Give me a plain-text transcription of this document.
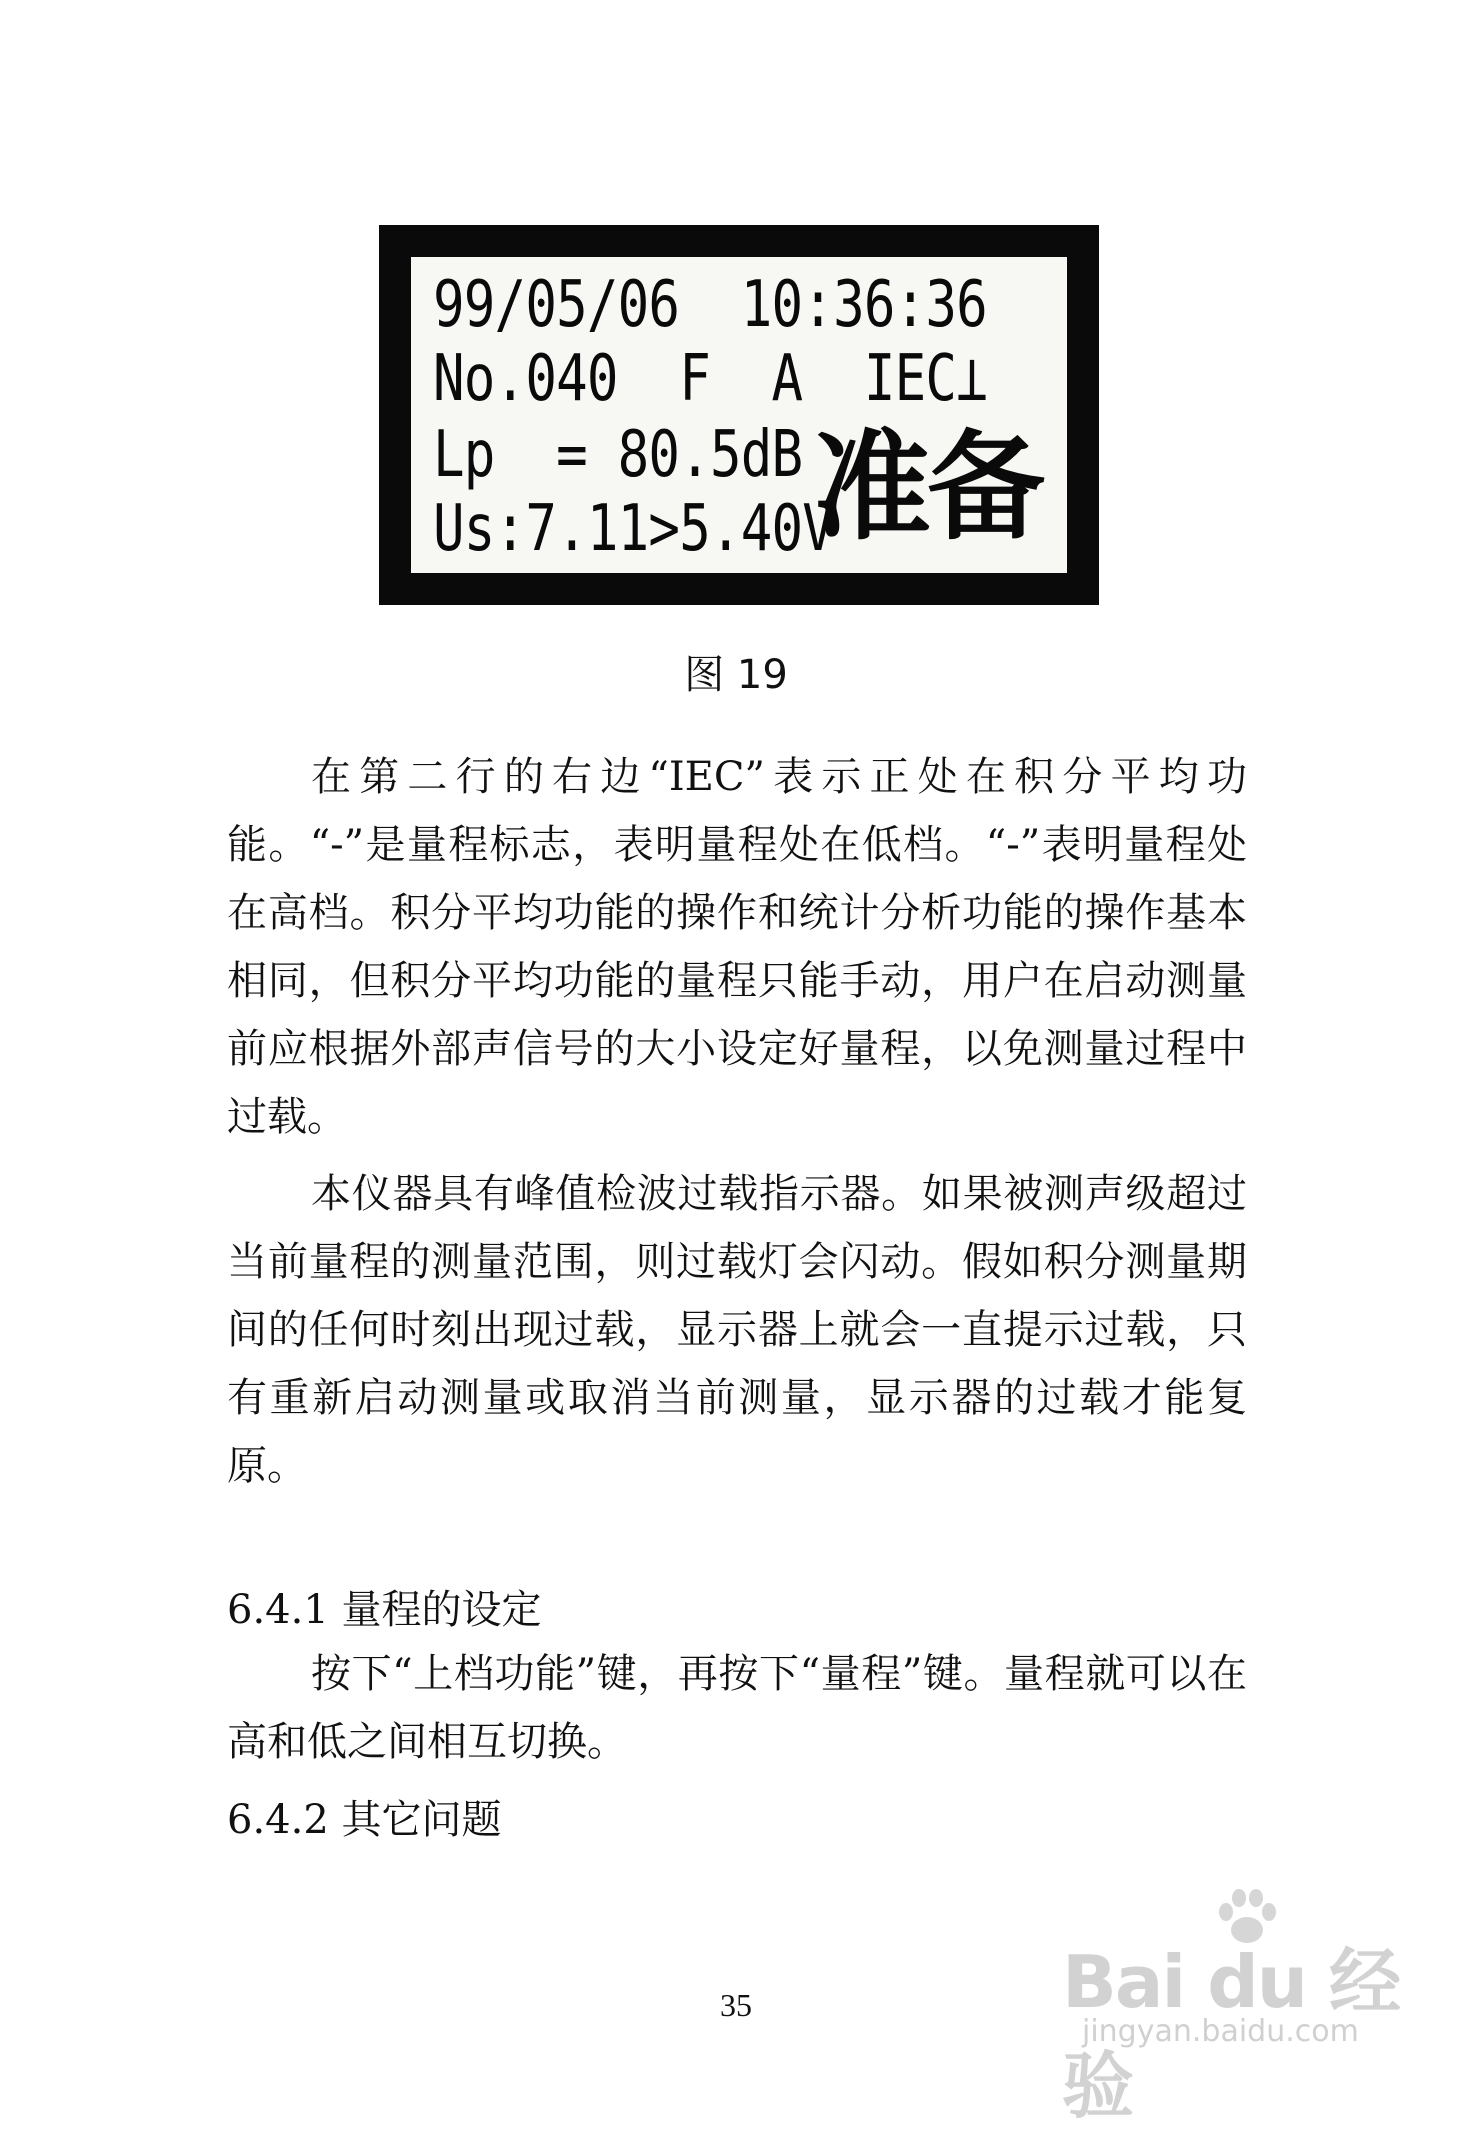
99/05/06  10:36:36
No.040  F  A  IEC⊥
Lp  = 80.5dB
Us:7.11>5.40V
准备
图 19

在第二行的右边“IEC”表示正处在积分平均功能。“-”是量程标志，表明量程处在低档。“-”表明量程处在高档。积分平均功能的操作和统计分析功能的操作基本相同，但积分平均功能的量程只能手动，用户在启动测量前应根据外部声信号的大小设定好量程，以免测量过程中过载。

本仪器具有峰值检波过载指示器。如果被测声级超过当前量程的测量范围，则过载灯会闪动。假如积分测量期间的任何时刻出现过载，显示器上就会一直提示过载，只有重新启动测量或取消当前测量，显示器的过载才能复原。

6.4.1 量程的设定

按下“上档功能”键，再按下“量程”键。量程就可以在高和低之间相互切换。

6.4.2 其它问题
Bai du 经验
jingyan.baidu.com
35
